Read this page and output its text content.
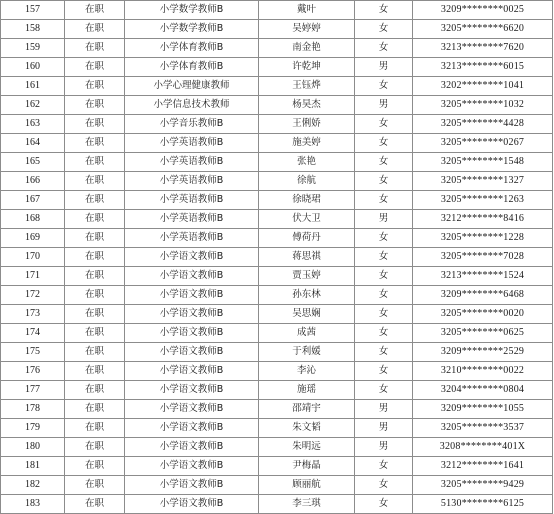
157	在职	小学数学教师B	戴叶	女	3209********0025
158	在职	小学数学教师B	吴婷婷	女	3205********6620
159	在职	小学体育教师B	南金艳	女	3213********7620
160	在职	小学体育教师B	许乾坤	男	3213********6015
161	在职	小学心理健康教师	王钰烨	女	3202********1041
162	在职	小学信息技术教师	杨昊杰	男	3205********1032
163	在职	小学音乐教师B	王俐娇	女	3205********4428
164	在职	小学英语教师B	施美婷	女	3205********0267
165	在职	小学英语教师B	张艳	女	3205********1548
166	在职	小学英语教师B	徐航	女	3205********1327
167	在职	小学英语教师B	徐晓珺	女	3205********1263
168	在职	小学英语教师B	伏大卫	男	3212********8416
169	在职	小学英语教师B	傅荷丹	女	3205********1228
170	在职	小学语文教师B	蒋思祺	女	3205********7028
171	在职	小学语文教师B	贾玉婷	女	3213********1524
172	在职	小学语文教师B	孙东林	女	3209********6468
173	在职	小学语文教师B	吴思娴	女	3205********0020
174	在职	小学语文教师B	成茜	女	3205********0625
175	在职	小学语文教师B	于利媛	女	3209********2529
176	在职	小学语文教师B	李沁	女	3210********0022
177	在职	小学语文教师B	施瑶	女	3204********0804
178	在职	小学语文教师B	邵靖宇	男	3209********1055
179	在职	小学语文教师B	朱文韬	男	3205********3537
180	在职	小学语文教师B	朱明远	男	3208********401X
181	在职	小学语文教师B	尹梅晶	女	3212********1641
182	在职	小学语文教师B	顾丽航	女	3205********9429
183	在职	小学语文教师B	李三琪	女	5130********6125
